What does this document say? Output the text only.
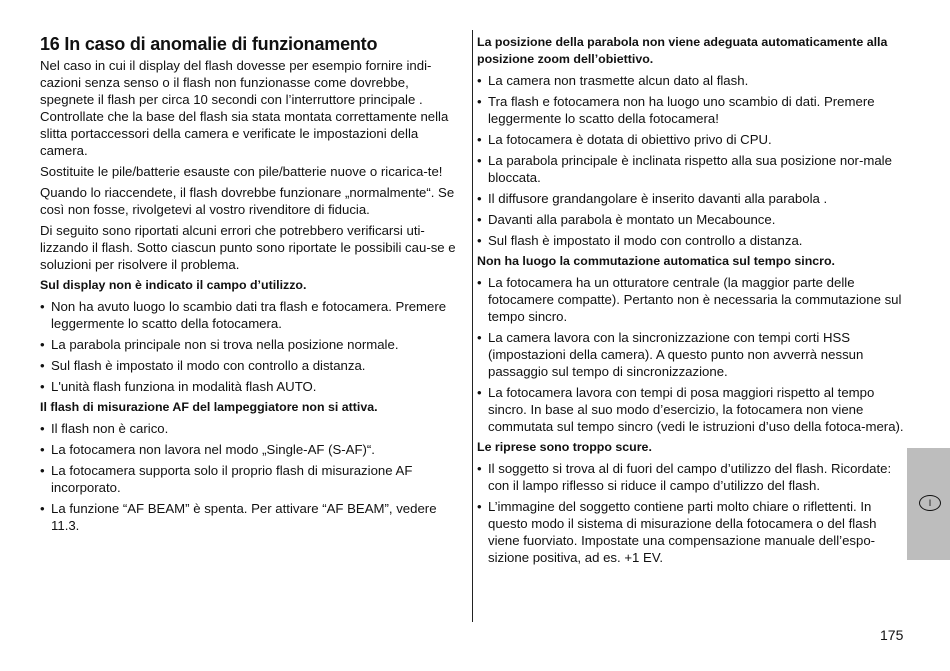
16 In caso di anomalie di funzionamento

Nel caso in cui il display del flash dovesse per esempio fornire indi-cazioni senza senso o il flash non funzionasse come dovrebbe, spegnete il flash per circa 10 secondi con l’interruttore principale . Controllate che la base del flash sia stata montata correttamente nella slitta portaccessori della camera e verificate le impostazioni della camera.

Sostituite le pile/batterie esauste con pile/batterie nuove o ricarica-te!

Quando lo riaccendete, il flash dovrebbe funzionare „normalmente“. Se così non fosse, rivolgetevi al vostro rivenditore di fiducia.

Di seguito sono riportati alcuni errori che potrebbero verificarsi uti-lizzando il flash. Sotto ciascun punto sono riportate le possibili cau-se e soluzioni per risolvere il problema.

Sul display non è indicato il campo d’utilizzo.
• Non ha avuto luogo lo scambio dati tra flash e fotocamera. Premere leggermente lo scatto della fotocamera.
• La parabola principale non si trova nella posizione normale.
• Sul flash è impostato il modo con controllo a distanza.
• L'unità flash funziona in modalità flash AUTO.
Il flash di misurazione AF del lampeggiatore non si attiva.
• Il flash non è carico.
• La fotocamera non lavora nel modo „Single-AF (S-AF)“.
• La fotocamera supporta solo il proprio flash di misurazione AF incorporato.
• La funzione “AF BEAM” è spenta. Per attivare “AF BEAM”, vedere 11.3.
La posizione della parabola non viene adeguata automaticamente alla posizione zoom dell’obiettivo.
• La camera non trasmette alcun dato al flash.
• Tra flash e fotocamera non ha luogo uno scambio di dati. Premere leggermente lo scatto della fotocamera!
• La fotocamera è dotata di obiettivo privo di CPU.
• La parabola principale è inclinata rispetto alla sua posizione nor-male bloccata.
• Il diffusore grandangolare è inserito davanti alla parabola .
• Davanti alla parabola è montato un Mecabounce.
• Sul flash è impostato il modo con controllo a distanza.
Non ha luogo la commutazione automatica sul tempo sincro.
• La fotocamera ha un otturatore centrale (la maggior parte delle fotocamere compatte). Pertanto non è necessaria la commutazione sul tempo sincro.
• La camera lavora con la sincronizzazione con tempi corti HSS (impostazioni della camera). A questo punto non avverrà nessun passaggio sul tempo di sincronizzazione.
• La fotocamera lavora con tempi di posa maggiori rispetto al tempo sincro. In base al suo modo d’esercizio, la fotocamera non viene commutata sul tempo sincro (vedi le istruzioni d’uso della fotoca-mera).
Le riprese sono troppo scure.
• Il soggetto si trova al di fuori del campo d’utilizzo del flash. Ricordate: con il lampo riflesso si riduce il campo d’utilizzo del flash.
• L’immagine del soggetto contiene parti molto chiare o riflettenti. In questo modo il sistema di misurazione della fotocamera o del flash viene fuorviato. Impostate una compensazione manuale dell’espo-sizione positiva, ad es. +1 EV.
I
175
